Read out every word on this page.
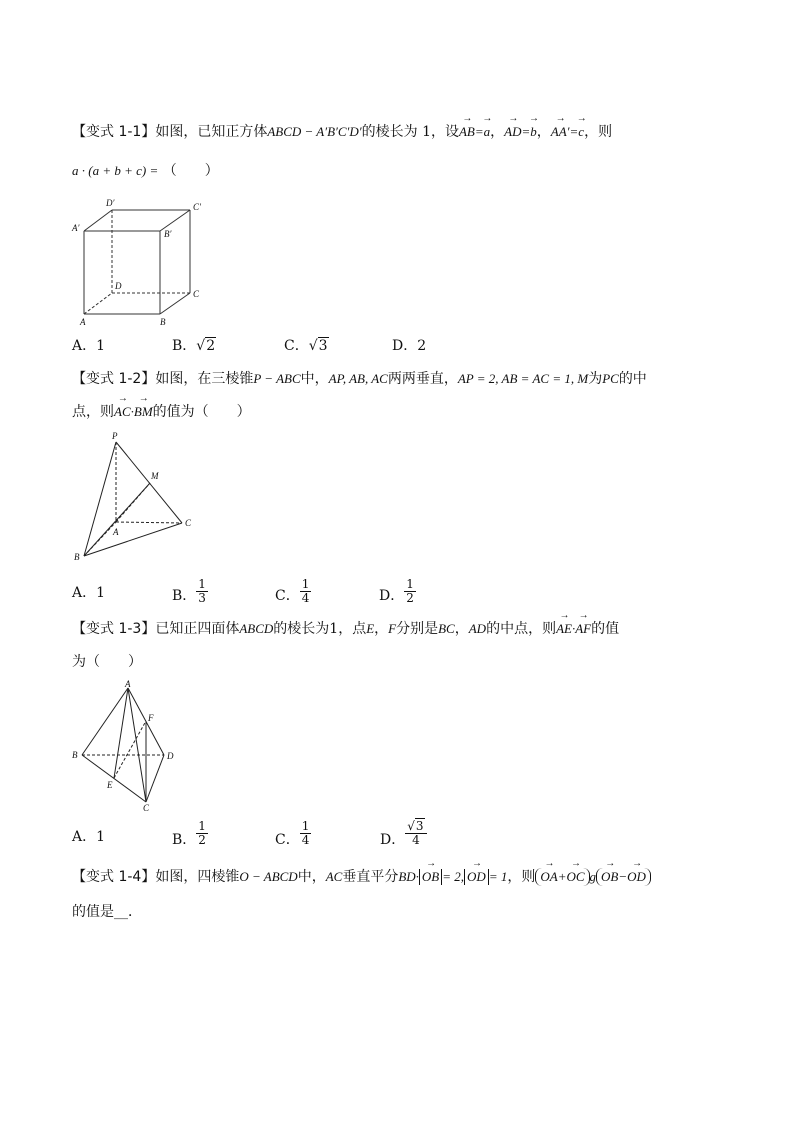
【变式 1-1】如图，已知正方体ABCD − A′B′C′D′的棱长为 1，设→ AB=→ a，→ AD=→ b，→ AA′=→ c，则
a · (a + b + c) = （　　）
D′	C′
A′
B′
D
C
A	B
A．1	B．√2	C．√3	D．2
【变式 1-2】如图，在三棱锥P − ABC中，AP, AB, AC两两垂直，AP = 2, AB = AC = 1, M为PC的中
点，则→ AC·→ BM的值为（　　）
P
M
A
B
C
A．1	B． $\frac{1}{3}$	C． $\frac{1}{4}$	D． $\frac{1}{2}$
【变式 1-3】已知正四面体ABCD的棱长为1，点E，F分别是BC，AD的中点，则→ AE·→ AF的值
为（　　）
A
F
B	D
E
C
A．1	B． $\frac{1}{2}$	C． $\frac{1}{4}$	D． $\frac{√3}{4}$
【变式 1-4】如图，四棱锥O − ABCD中，AC垂直平分BD· → OB = 2, → OD = 1，则 → OA+→ OC g → OB−→ OD
的值是__．
